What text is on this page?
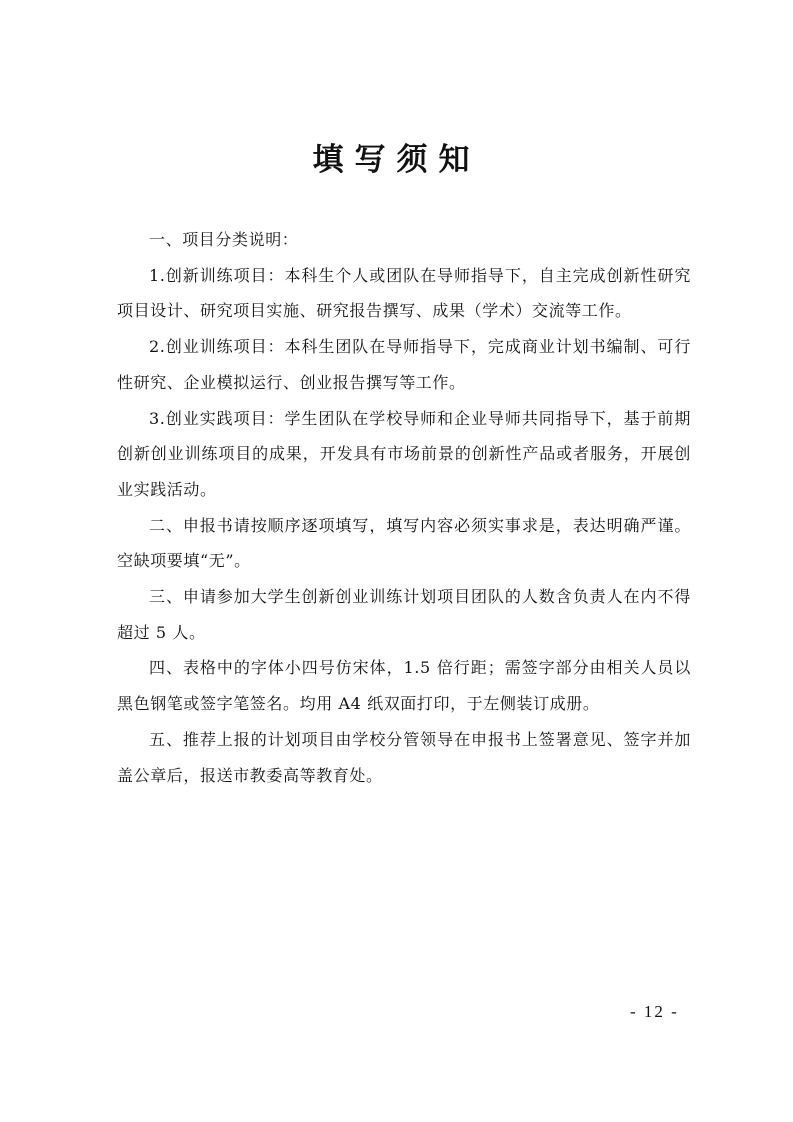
填写须知

一、项目分类说明：

1.创新训练项目：本科生个人或团队在导师指导下，自主完成创新性研究项目设计、研究项目实施、研究报告撰写、成果（学术）交流等工作。

2.创业训练项目：本科生团队在导师指导下，完成商业计划书编制、可行性研究、企业模拟运行、创业报告撰写等工作。

3.创业实践项目：学生团队在学校导师和企业导师共同指导下，基于前期创新创业训练项目的成果，开发具有市场前景的创新性产品或者服务，开展创业实践活动。

二、申报书请按顺序逐项填写，填写内容必须实事求是，表达明确严谨。空缺项要填“无”。

三、申请参加大学生创新创业训练计划项目团队的人数含负责人在内不得超过 5 人。

四、表格中的字体小四号仿宋体，1.5 倍行距；需签字部分由相关人员以黑色钢笔或签字笔签名。均用 A4 纸双面打印，于左侧装订成册。

五、推荐上报的计划项目由学校分管领导在申报书上签署意见、签字并加盖公章后，报送市教委高等教育处。

- 12 -
